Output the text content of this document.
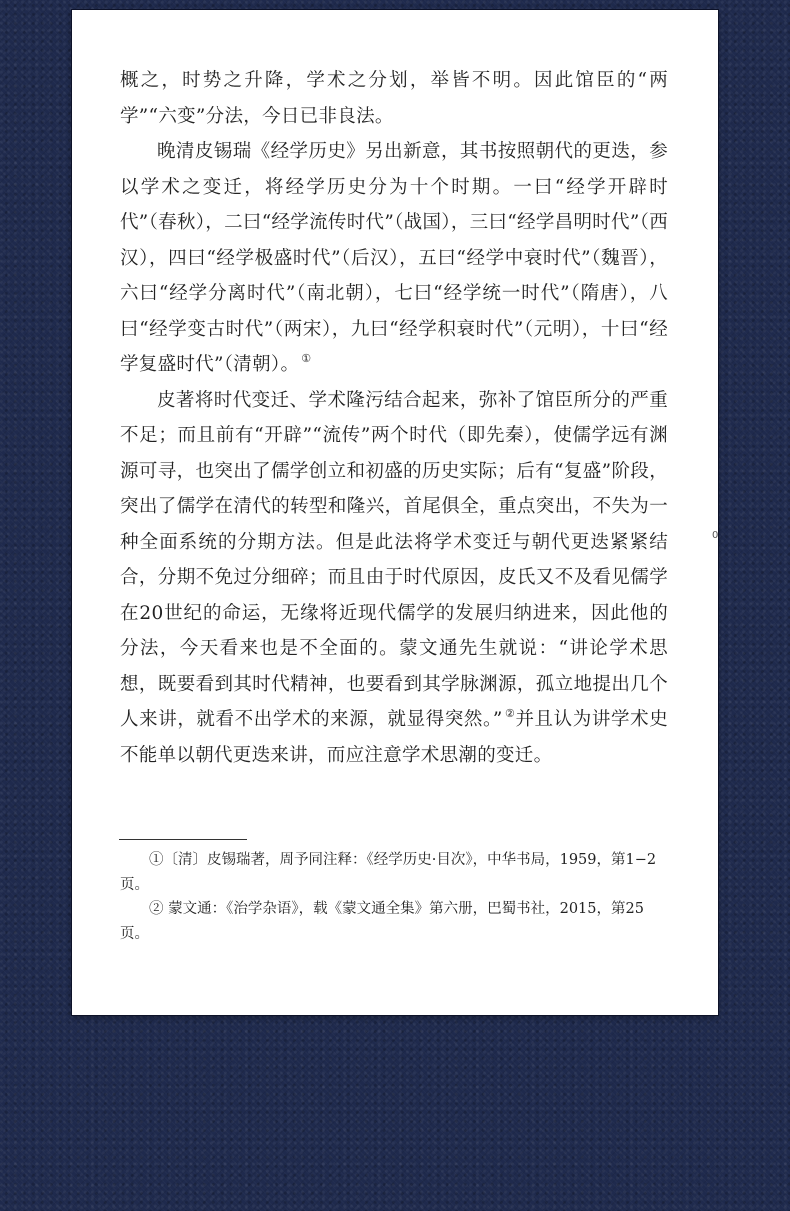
概之，时势之升降，学术之分划，举皆不明。因此馆臣的“两学”“六变”分法，今日已非良法。

晚清皮锡瑞《经学历史》另出新意，其书按照朝代的更迭，参以学术之变迁，将经学历史分为十个时期。一曰“经学开辟时代”（春秋），二曰“经学流传时代”（战国），三曰“经学昌明时代”（西汉），四曰“经学极盛时代”（后汉），五曰“经学中衰时代”（魏晋），六曰“经学分离时代”（南北朝），七曰“经学统一时代”（隋唐），八曰“经学变古时代”（两宋），九曰“经学积衰时代”（元明），十曰“经学复盛时代”（清朝）。 ①

皮著将时代变迁、学术隆污结合起来，弥补了馆臣所分的严重不足；而且前有“开辟”“流传”两个时代（即先秦），使儒学远有渊源可寻，也突出了儒学创立和初盛的历史实际；后有“复盛”阶段，突出了儒学在清代的转型和隆兴，首尾俱全，重点突出，不失为一种全面系统的分期方法。但是此法将学术变迁与朝代更迭紧紧结合，分期不免过分细碎；而且由于时代原因，皮氏又不及看见儒学在20世纪的命运，无缘将近现代儒学的发展归纳进来，因此他的分法，今天看来也是不全面的。蒙文通先生就说：“讲论学术思想，既要看到其时代精神，也要看到其学脉渊源，孤立地提出几个人来讲，就看不出学术的来源，就显得突然。” ②并且认为讲学术史不能单以朝代更迭来讲，而应注意学术思潮的变迁。

①〔清〕皮锡瑞著，周予同注释：《经学历史·目次》，中华书局，1959，第1−2页。

② 蒙文通：《治学杂语》，载《蒙文通全集》第六册，巴蜀书社，2015，第25页。

0
